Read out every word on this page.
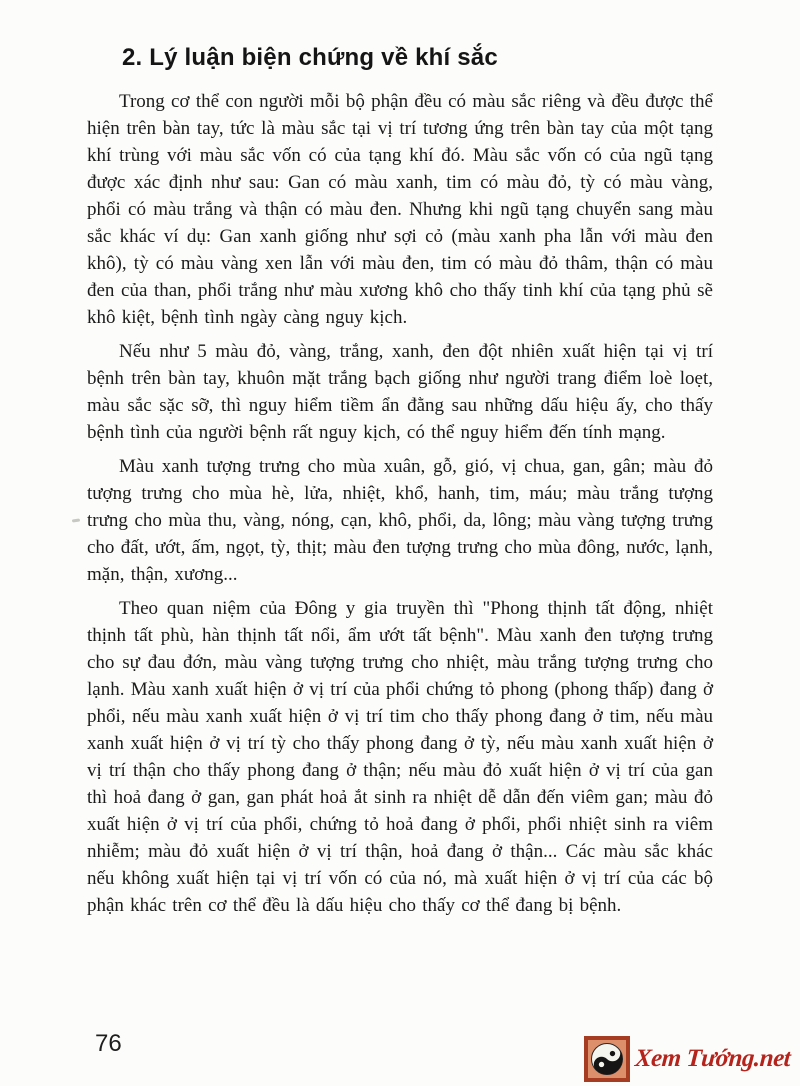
2. Lý luận biện chứng về khí sắc

Trong cơ thể con người mỗi bộ phận đều có màu sắc riêng và đều được thể hiện trên bàn tay, tức là màu sắc tại vị trí tương ứng trên bàn tay của một tạng khí trùng với màu sắc vốn có của tạng khí đó. Màu sắc vốn có của ngũ tạng được xác định như sau: Gan có màu xanh, tim có màu đỏ, tỳ có màu vàng, phổi có màu trắng và thận có màu đen. Nhưng khi ngũ tạng chuyển sang màu sắc khác ví dụ: Gan xanh giống như sợi cỏ (màu xanh pha lẫn với màu đen khô), tỳ có màu vàng xen lẫn với màu đen, tim có màu đỏ thâm, thận có màu đen của than, phổi trắng như màu xương khô cho thấy tinh khí của tạng phủ sẽ khô kiệt, bệnh tình ngày càng nguy kịch.

Nếu như 5 màu đỏ, vàng, trắng, xanh, đen đột nhiên xuất hiện tại vị trí bệnh trên bàn tay, khuôn mặt trắng bạch giống như người trang điểm loè loẹt, màu sắc sặc sỡ, thì nguy hiểm tiềm ẩn đằng sau những dấu hiệu ấy, cho thấy bệnh tình của người bệnh rất nguy kịch, có thể nguy hiểm đến tính mạng.

Màu xanh tượng trưng cho mùa xuân, gỗ, gió, vị chua, gan, gân; màu đỏ tượng trưng cho mùa hè, lửa, nhiệt, khổ, hanh, tim, máu; màu trắng tượng trưng cho mùa thu, vàng, nóng, cạn, khô, phổi, da, lông; màu vàng tượng trưng cho đất, ướt, ấm, ngọt, tỳ, thịt; màu đen tượng trưng cho mùa đông, nước, lạnh, mặn, thận, xương...

Theo quan niệm của Đông y gia truyền thì "Phong thịnh tất động, nhiệt thịnh tất phù, hàn thịnh tất nổi, ẩm ướt tất bệnh". Màu xanh đen tượng trưng cho sự đau đớn, màu vàng tượng trưng cho nhiệt, màu trắng tượng trưng cho lạnh. Màu xanh xuất hiện ở vị trí của phổi chứng tỏ phong (phong thấp) đang ở phổi, nếu màu xanh xuất hiện ở vị trí tim cho thấy phong đang ở tim, nếu màu xanh xuất hiện ở vị trí tỳ cho thấy phong đang ở tỳ, nếu màu xanh xuất hiện ở vị trí thận cho thấy phong đang ở thận; nếu màu đỏ xuất hiện ở vị trí của gan thì hoả đang ở gan, gan phát hoả ắt sinh ra nhiệt dễ dẫn đến viêm gan; màu đỏ xuất hiện ở vị trí của phổi, chứng tỏ hoả đang ở phổi, phổi nhiệt sinh ra viêm nhiễm; màu đỏ xuất hiện ở vị trí thận, hoả đang ở thận... Các màu sắc khác nếu không xuất hiện tại vị trí vốn có của nó, mà xuất hiện ở vị trí của các bộ phận khác trên cơ thể đều là dấu hiệu cho thấy cơ thể đang bị bệnh.

76
Xem Tướng.net
